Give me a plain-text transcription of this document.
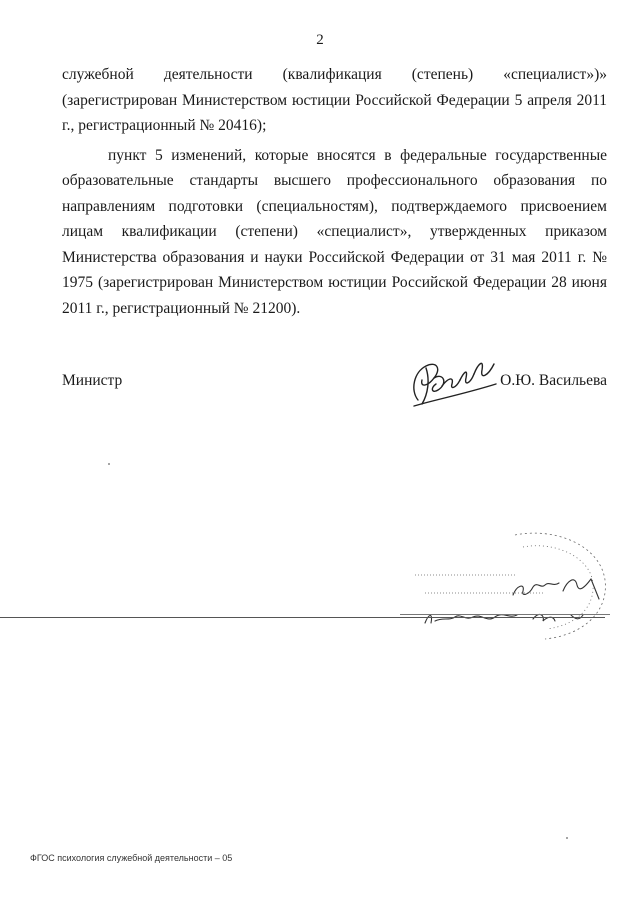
2

служебной деятельности (квалификация (степень) «специалист»)» (зарегистрирован Министерством юстиции Российской Федерации 5 апреля 2011 г., регистрационный № 20416);

пункт 5 изменений, которые вносятся в федеральные государственные образовательные стандарты высшего профессионального образования по направлениям подготовки (специальностям), подтверждаемого присвоением лицам квалификации (степени) «специалист», утвержденных приказом Министерства образования и науки Российской Федерации от 31 мая 2011 г. № 1975 (зарегистрирован Министерством юстиции Российской Федерации 28 июня 2011 г., регистрационный № 21200).

Министр	О.Ю. Васильева
ФГОС психология служебной деятельности – 05
